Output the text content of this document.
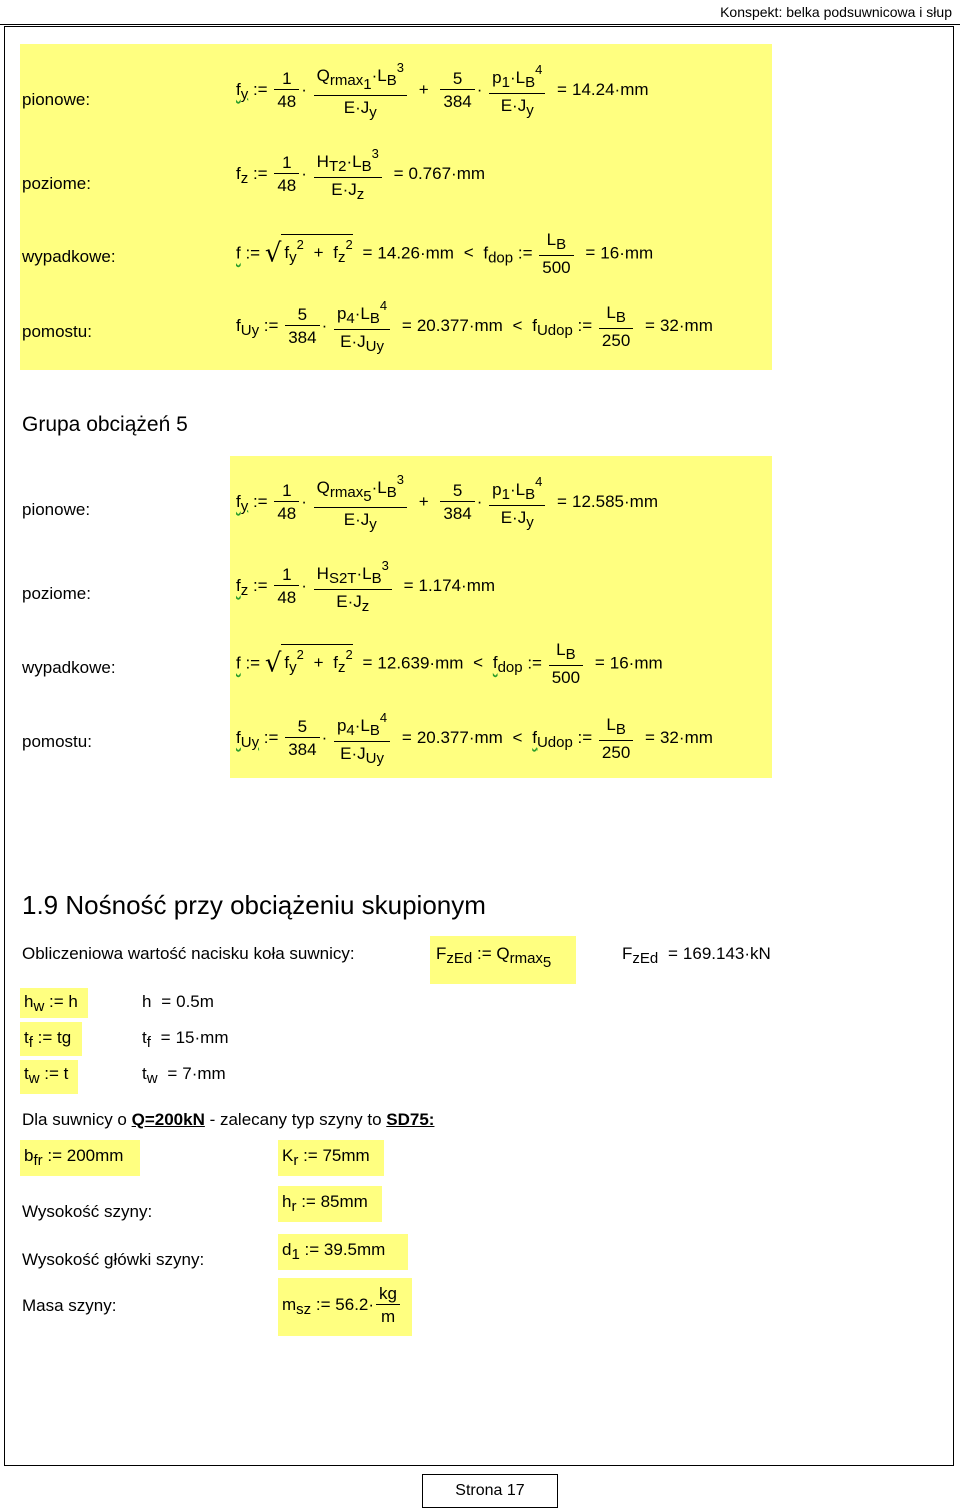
Konspekt: belka podsuwnicowa i słup
pionowe:
$f_y$ := $\frac{1}{48} \cdot \frac{Q_{rmax_1}\cdot L_B^3}{E\cdot J_y} + \frac{5}{384} \cdot \frac{p_1\cdot L_B^4}{E\cdot J_y} = 14.24\cdot mm$
poziome:
$f_z$ := $\frac{1}{48} \cdot \frac{H_{T2}\cdot L_B^3}{E\cdot J_z} = 0.767\cdot mm$
wypadkowe:	f := √ $f_y^2 + f_z^2 = 14.26\cdot mm < f_{dop}$ := $\frac{L_B}{500} = 16\cdot mm$
pomostu:	$f_{Uy}$ := $\frac{5}{384} \cdot \frac{p_4\cdot L_B^4}{E\cdot J_{Uy}} = 20.377\cdot mm < f_{Udop}$ := $\frac{L_B}{250} = 32\cdot mm$
Grupa obciążeń 5
pionowe:	$f_y$ := $\frac{1}{48} \cdot \frac{Q_{rmax_5}\cdot L_B^3}{E\cdot J_y} + \frac{5}{384} \cdot \frac{p_1\cdot L_B^4}{E\cdot J_y} = 12.585\cdot mm$
poziome:	$f_z$ := $\frac{1}{48} \cdot \frac{H_{S2T}\cdot L_B^3}{E\cdot J_z} = 1.174\cdot mm$
wypadkowe:	f := √ $f_y^2 + f_z^2 = 12.639\cdot mm < f_{dop}$ := $\frac{L_B}{500} = 16\cdot mm$
pomostu:	$f_{Uy}$ := $\frac{5}{384} \cdot \frac{p_4\cdot L_B^4}{E\cdot J_{Uy}} = 20.377\cdot mm < f_{Udop}$ := $\frac{L_B}{250} = 32\cdot mm$
1.9 Nośność przy obciążeniu skupionym
Obliczeniowa wartość nacisku koła suwnicy:	$F_{zEd}$ := $Q_{rmax_5}$	$F_{zEd} = 169.143\cdot kN$
$h_w$ := h	h = 0.5m
$t_f$ := tg	$t_f = 15\cdot mm$
$t_w$ := t	$t_w = 7\cdot mm$
Dla suwnicy o Q=200kN - zalecany typ szyny to SD75:
$b_{fr}$ := 200mm	$K_r$ := 75mm
Wysokość szyny:
$h_r$ := 85mm
Wysokość główki szyny:
$d_1$ := 39.5mm
Masa szyny:	$m_{sz}$ := $56.2\cdot \frac{kg}{m}$
Strona 17
